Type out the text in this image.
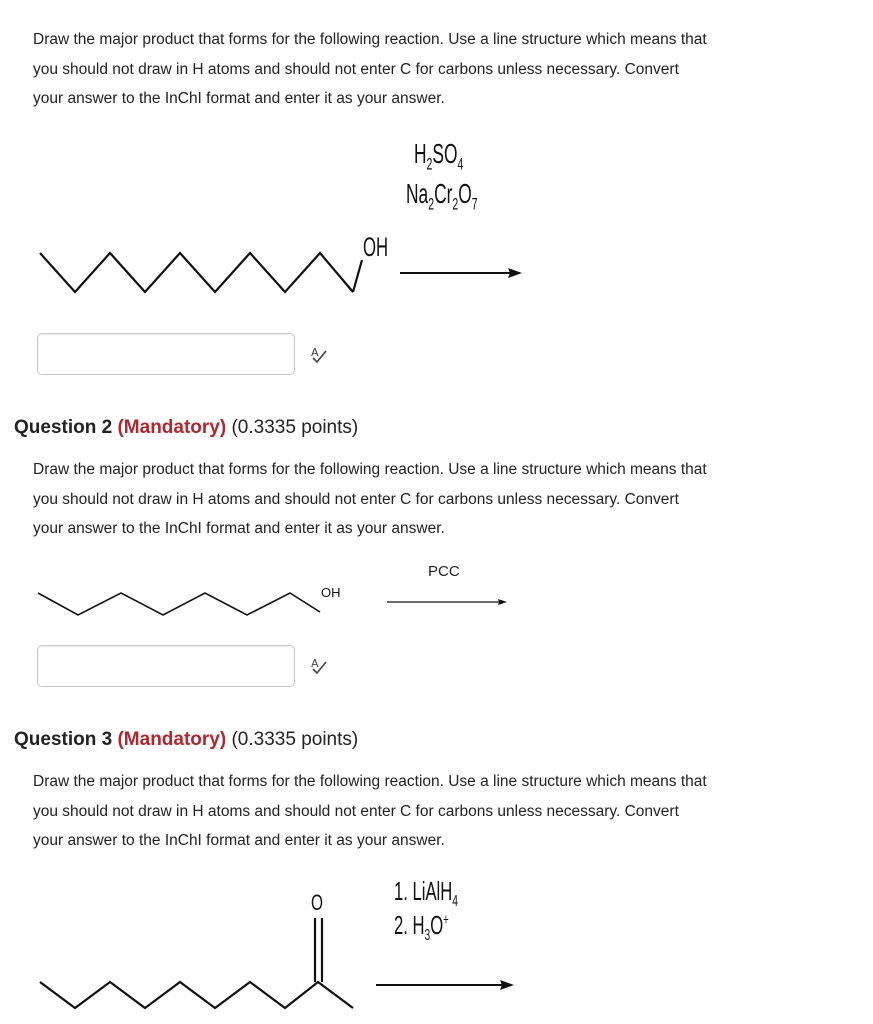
Draw the major product that forms for the following reaction. Use a line structure which means that
you should not draw in H atoms and should not enter C for carbons unless necessary. Convert
your answer to the InChI format and enter it as your answer.
$H_2SO_4$
$Na_2Cr_2O_7$
OH
A
Question 2 (Mandatory) (0.3335 points)
Draw the major product that forms for the following reaction. Use a line structure which means that
you should not draw in H atoms and should not enter C for carbons unless necessary. Convert
your answer to the InChI format and enter it as your answer.
PCC
OH
A
Question 3 (Mandatory) (0.3335 points)
Draw the major product that forms for the following reaction. Use a line structure which means that
you should not draw in H atoms and should not enter C for carbons unless necessary. Convert
your answer to the InChI format and enter it as your answer.
1. LiAlH$_4$
2. $H_3O^+$
O
